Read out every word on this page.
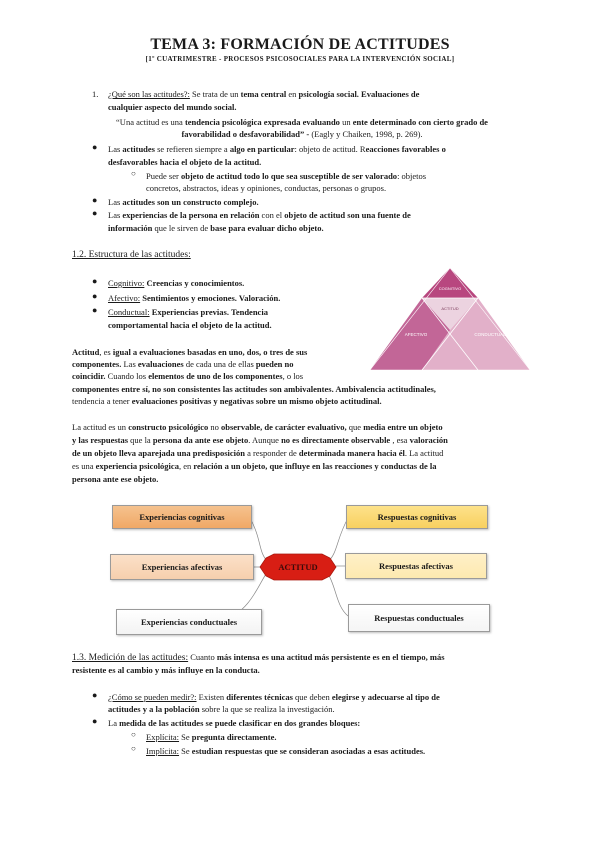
TEMA 3: FORMACIÓN DE ACTITUDES
[1º CUATRIMESTRE - PROCESOS PSICOSOCIALES PARA LA INTERVENCIÓN SOCIAL]
1. ¿Qué son las actitudes?: Se trata de un tema central en psicología social. Evaluaciones de

cualquier aspecto del mundo social.

“Una actitud es una tendencia psicológica expresada evaluando un ente determinado con cierto grado de

favorabilidad o desfavorabilidad” - (Eagly y Chaiken, 1998, p. 269).

● Las actitudes se refieren siempre a algo en particular: objeto de actitud. Reacciones favorables o

desfavorables hacia el objeto de la actitud.

○ Puede ser objeto de actitud todo lo que sea susceptible de ser valorado: objetos

concretos, abstractos, ideas y opiniones, conductas, personas o grupos.

● Las actitudes son un constructo complejo.

● Las experiencias de la persona en relación con el objeto de actitud son una fuente de

información que le sirven de base para evaluar dicho objeto.

1.2. Estructura de las actitudes:

● Cognitivo: Creencias y conocimientos.

● Afectivo: Sentimientos y emociones. Valoración.

● Conductual: Experiencias previas. Tendencia

comportamental hacia el objeto de la actitud.

COGNITIVO
ACTITUD
AFECTIVO	CONDUCTUAL

Actitud, es igual a evaluaciones basadas en uno, dos, o tres de sus

componentes. Las evaluaciones de cada una de ellas pueden no

coincidir. Cuando los elementos de uno de los componentes, o los

componentes entre sí, no son consistentes las actitudes son ambivalentes. Ambivalencia actitudinales,

tendencia a tener evaluaciones positivas y negativas sobre un mismo objeto actitudinal.

La actitud es un constructo psicológico no observable, de carácter evaluativo, que media entre un objeto

y las respuestas que la persona da ante ese objeto. Aunque no es directamente observable , esa valoración

de un objeto lleva aparejada una predisposición a responder de determinada manera hacia él. La actitud

es una experiencia psicológica, en relación a un objeto, que influye en las reacciones y conductas de la

persona ante ese objeto.

ACTITUD
Experiencias cognitivas
Experiencias afectivas
Experiencias conductuales
Respuestas cognitivas
Respuestas afectivas
Respuestas conductuales

1.3. Medición de las actitudes: Cuanto más intensa es una actitud más persistente es en el tiempo, más

resistente es al cambio y más influye en la conducta.

● ¿Cómo se pueden medir?: Existen diferentes técnicas que deben elegirse y adecuarse al tipo de

actitudes y a la población sobre la que se realiza la investigación.

● La medida de las actitudes se puede clasificar en dos grandes bloques:

○ Explícita: Se pregunta directamente.

○ Implícita: Se estudian respuestas que se consideran asociadas a esas actitudes.
